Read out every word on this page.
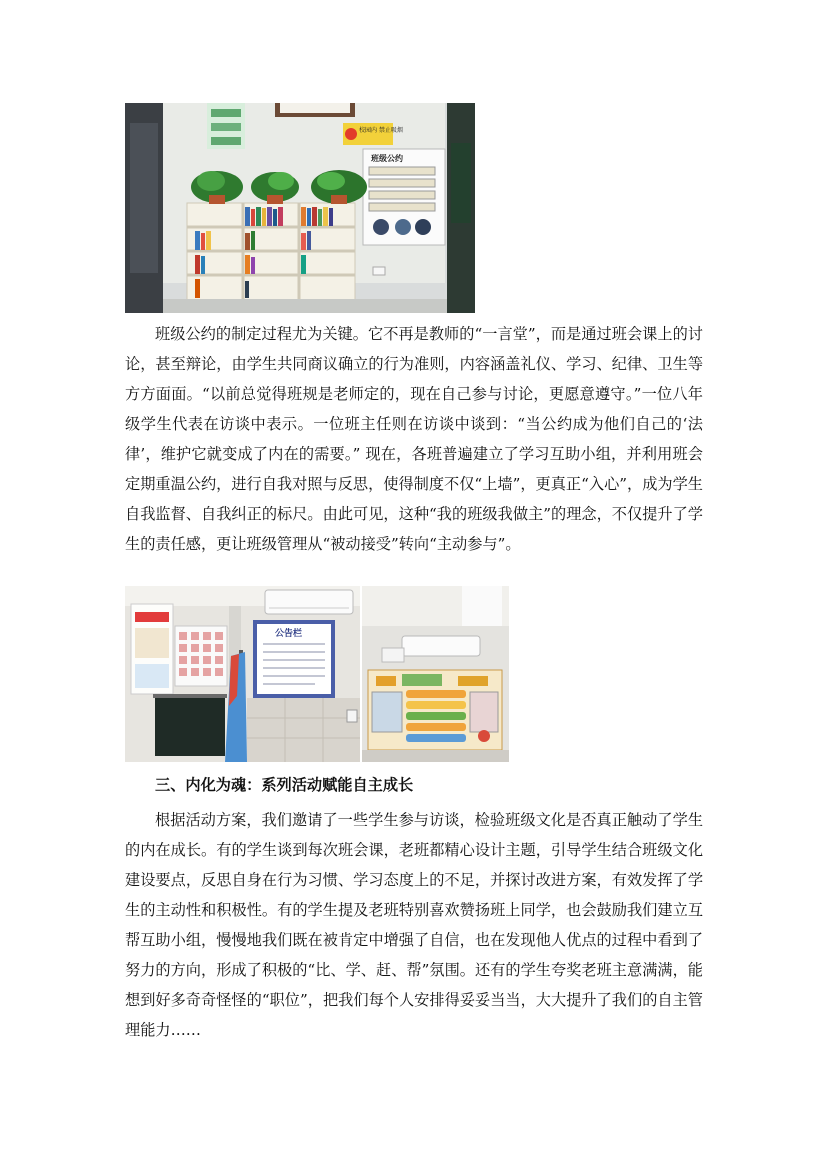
校园内 禁止吸烟
班级公约

班级公约的制定过程尤为关键。它不再是教师的“一言堂”，而是通过班会课上的讨论，甚至辩论，由学生共同商议确立的行为准则，内容涵盖礼仪、学习、纪律、卫生等方方面面。“以前总觉得班规是老师定的，现在自己参与讨论，更愿意遵守。”一位八年级学生代表在访谈中表示。一位班主任则在访谈中谈到：“当公约成为他们自己的‘法律’，维护它就变成了内在的需要。” 现在，各班普遍建立了学习互助小组，并利用班会定期重温公约，进行自我对照与反思，使得制度不仅“上墙”，更真正“入心”，成为学生自我监督、自我纠正的标尺。由此可见，这种“我的班级我做主”的理念，不仅提升了学生的责任感，更让班级管理从“被动接受”转向“主动参与”。

公告栏

三、内化为魂：系列活动赋能自主成长

根据活动方案，我们邀请了一些学生参与访谈，检验班级文化是否真正触动了学生的内在成长。有的学生谈到每次班会课，老班都精心设计主题，引导学生结合班级文化建设要点，反思自身在行为习惯、学习态度上的不足，并探讨改进方案，有效发挥了学生的主动性和积极性。有的学生提及老班特别喜欢赞扬班上同学，也会鼓励我们建立互帮互助小组，慢慢地我们既在被肯定中增强了自信，也在发现他人优点的过程中看到了努力的方向，形成了积极的“比、学、赶、帮”氛围。还有的学生夸奖老班主意满满，能想到好多奇奇怪怪的“职位”，把我们每个人安排得妥妥当当，大大提升了我们的自主管理能力……
